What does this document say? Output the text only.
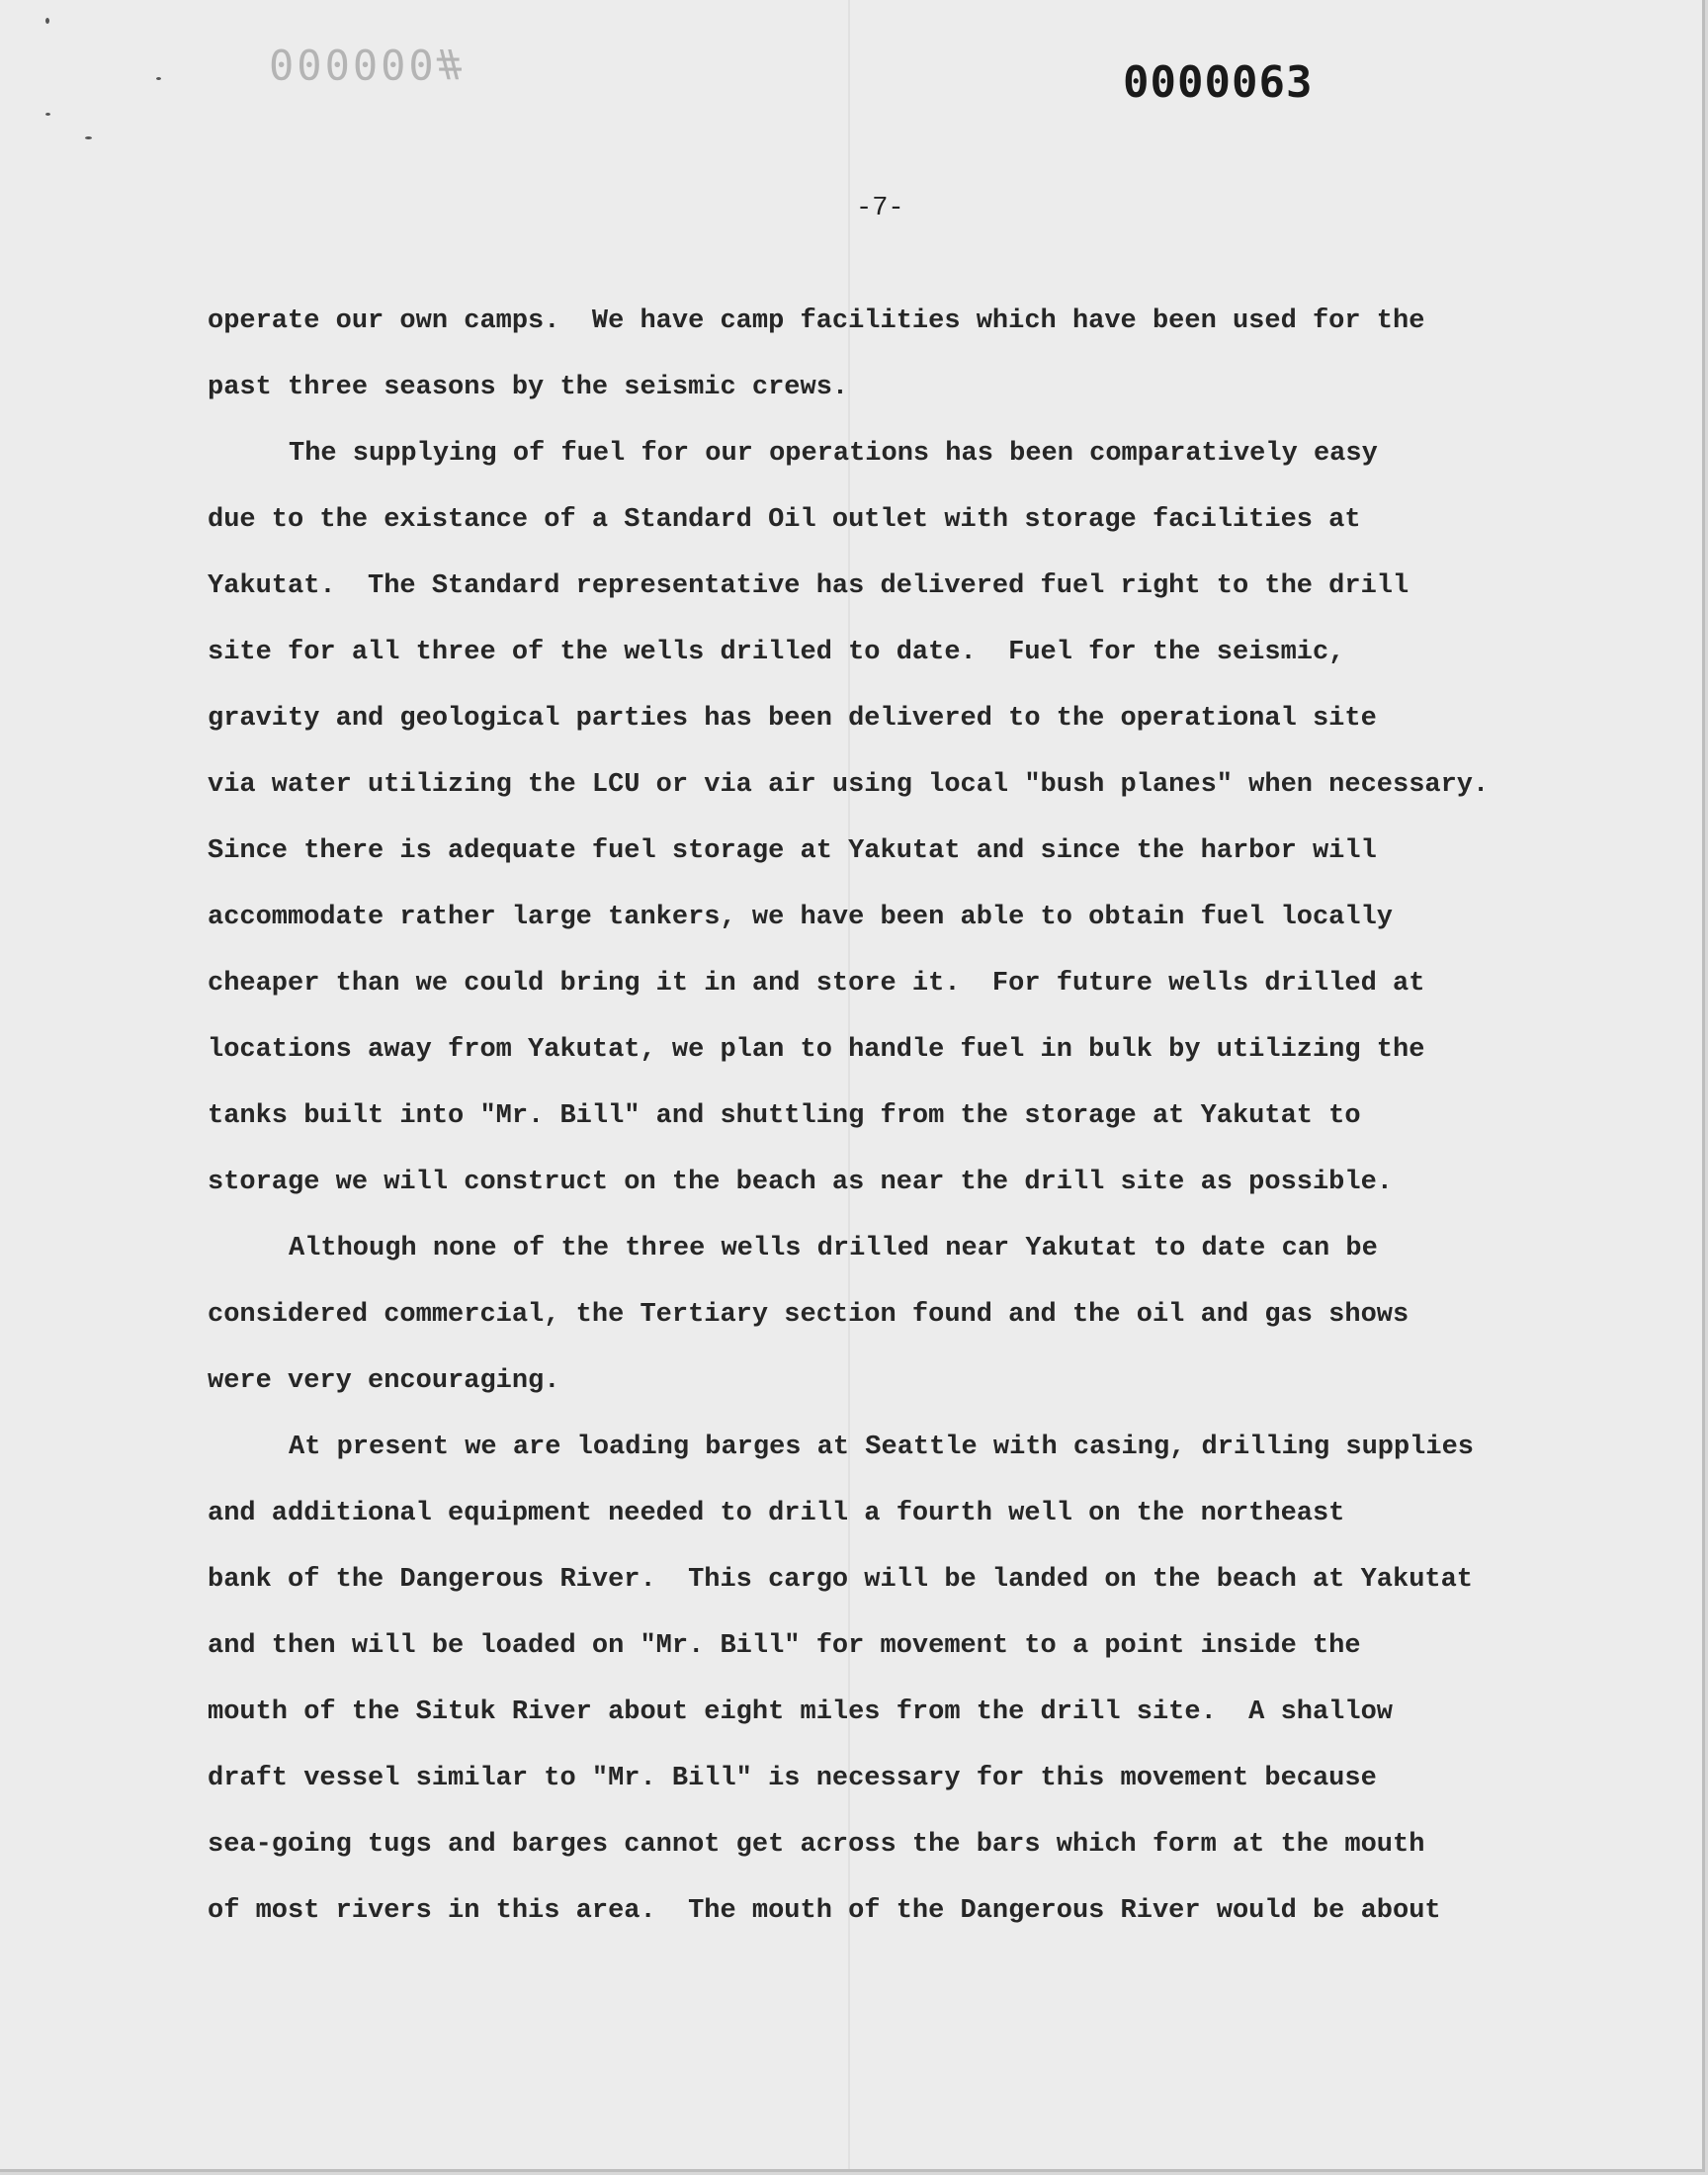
000000#	0000063
-7-
operate our own camps.  We have camp facilities which have been used for the
past three seasons by the seismic crews.
The supplying of fuel for our operations has been comparatively easy
due to the existance of a Standard Oil outlet with storage facilities at
Yakutat.  The Standard representative has delivered fuel right to the drill
site for all three of the wells drilled to date.  Fuel for the seismic,
gravity and geological parties has been delivered to the operational site
via water utilizing the LCU or via air using local "bush planes" when necessary.
Since there is adequate fuel storage at Yakutat and since the harbor will
accommodate rather large tankers, we have been able to obtain fuel locally
cheaper than we could bring it in and store it.  For future wells drilled at
locations away from Yakutat, we plan to handle fuel in bulk by utilizing the
tanks built into "Mr. Bill" and shuttling from the storage at Yakutat to
storage we will construct on the beach as near the drill site as possible.
Although none of the three wells drilled near Yakutat to date can be
considered commercial, the Tertiary section found and the oil and gas shows
were very encouraging.
At present we are loading barges at Seattle with casing, drilling supplies
and additional equipment needed to drill a fourth well on the northeast
bank of the Dangerous River.  This cargo will be landed on the beach at Yakutat
and then will be loaded on "Mr. Bill" for movement to a point inside the
mouth of the Situk River about eight miles from the drill site.  A shallow
draft vessel similar to "Mr. Bill" is necessary for this movement because
sea-going tugs and barges cannot get across the bars which form at the mouth
of most rivers in this area.  The mouth of the Dangerous River would be about
